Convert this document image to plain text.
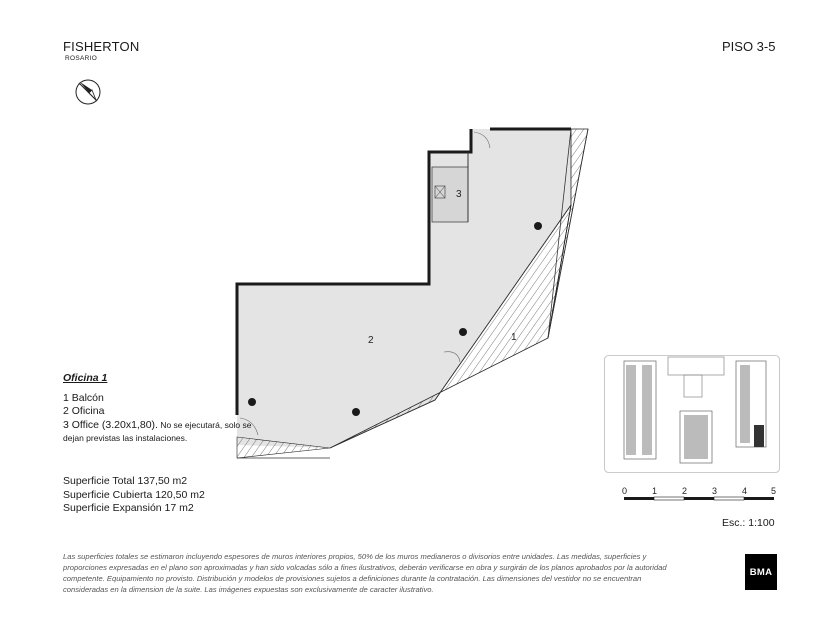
FISHERTON
ROSARIO
PISO 3-5
3
2	1
Oficina 1
1 Balcón
2 Oficina
3 Office (3.20x1,80). No se ejecutará, solo se dejan previstas las instalaciones.
Superficie Total 137,50 m2
Superficie Cubierta 120,50 m2
Superficie Expansión 17 m2
0	1	2	3	4	5
Esc.: 1:100
Las superficies totales se estimaron incluyendo espesores de muros interiores propios, 50% de los muros medianeros o divisorios entre unidades. Las medidas, superficies y proporciones expresadas en el plano son aproximadas y han sido volcadas sólo a fines ilustrativos, deberán verificarse en obra y surgirán de los planos aprobados por la autoridad competente. Equipamiento no provisto. Distribución y modelos de provisiones sujetos a definiciones durante la contratación. Las dimensiones del vestidor no se encuentran consideradas en la dimension de la suite. Las imágenes expuestas son exclusivamente de caracter ilustrativo.
BMA
